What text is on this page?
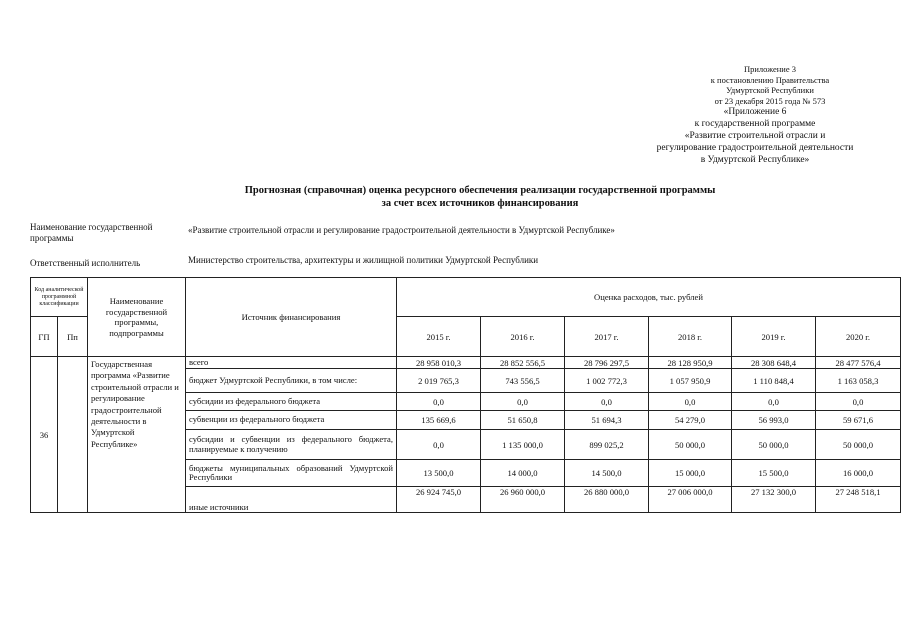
Приложение 3
к постановлению Правительства
Удмуртской Республики
от 23 декабря 2015 года № 573
«Приложение 6
к государственной программе
«Развитие строительной отрасли и
регулирование градостроительной деятельности
в Удмуртской Республике»
Прогнозная (справочная) оценка ресурсного обеспечения реализации государственной программы
за счет всех источников финансирования
Наименование государственной программы
«Развитие строительной отрасли и регулирование градостроительной деятельности в Удмуртской Республике»
Ответственный исполнитель	Министерство строительства, архитектуры и жилищной политики Удмуртской Республики
Код аналитической программной классификации		Наименование государственной программы, подпрограммы	Источник финансирования	Оценка расходов, тыс. рублей					
ГП	Пп			2015 г.	2016 г.	2017 г.	2018 г.	2019 г.	2020 г.
36		Государственная программа «Развитие строительной отрасли и регулирование градостроительной деятельности в Удмуртской Республике»	всего	28 958 010,3	28 852 556,5	28 796 297,5	28 128 950,9	28 308 648,4	28 477 576,4
			бюджет Удмуртской Республики, в том числе:	2 019 765,3	743 556,5	1 002 772,3	1 057 950,9	1 110 848,4	1 163 058,3
			субсидии из федерального бюджета	0,0	0,0	0,0	0,0	0,0	0,0
			субвенции из федерального бюджета	135 669,6	51 650,8	51 694,3	54 279,0	56 993,0	59 671,6
			субсидии и субвенции из федерального бюджета, планируемые к получению	0,0	1 135 000,0	899 025,2	50 000,0	50 000,0	50 000,0
			бюджеты муниципальных образований Удмуртской Республики	13 500,0	14 000,0	14 500,0	15 000,0	15 500,0	16 000,0
			иные источники	26 924 745,0	26 960 000,0	26 880 000,0	27 006 000,0	27 132 300,0	27 248 518,1
